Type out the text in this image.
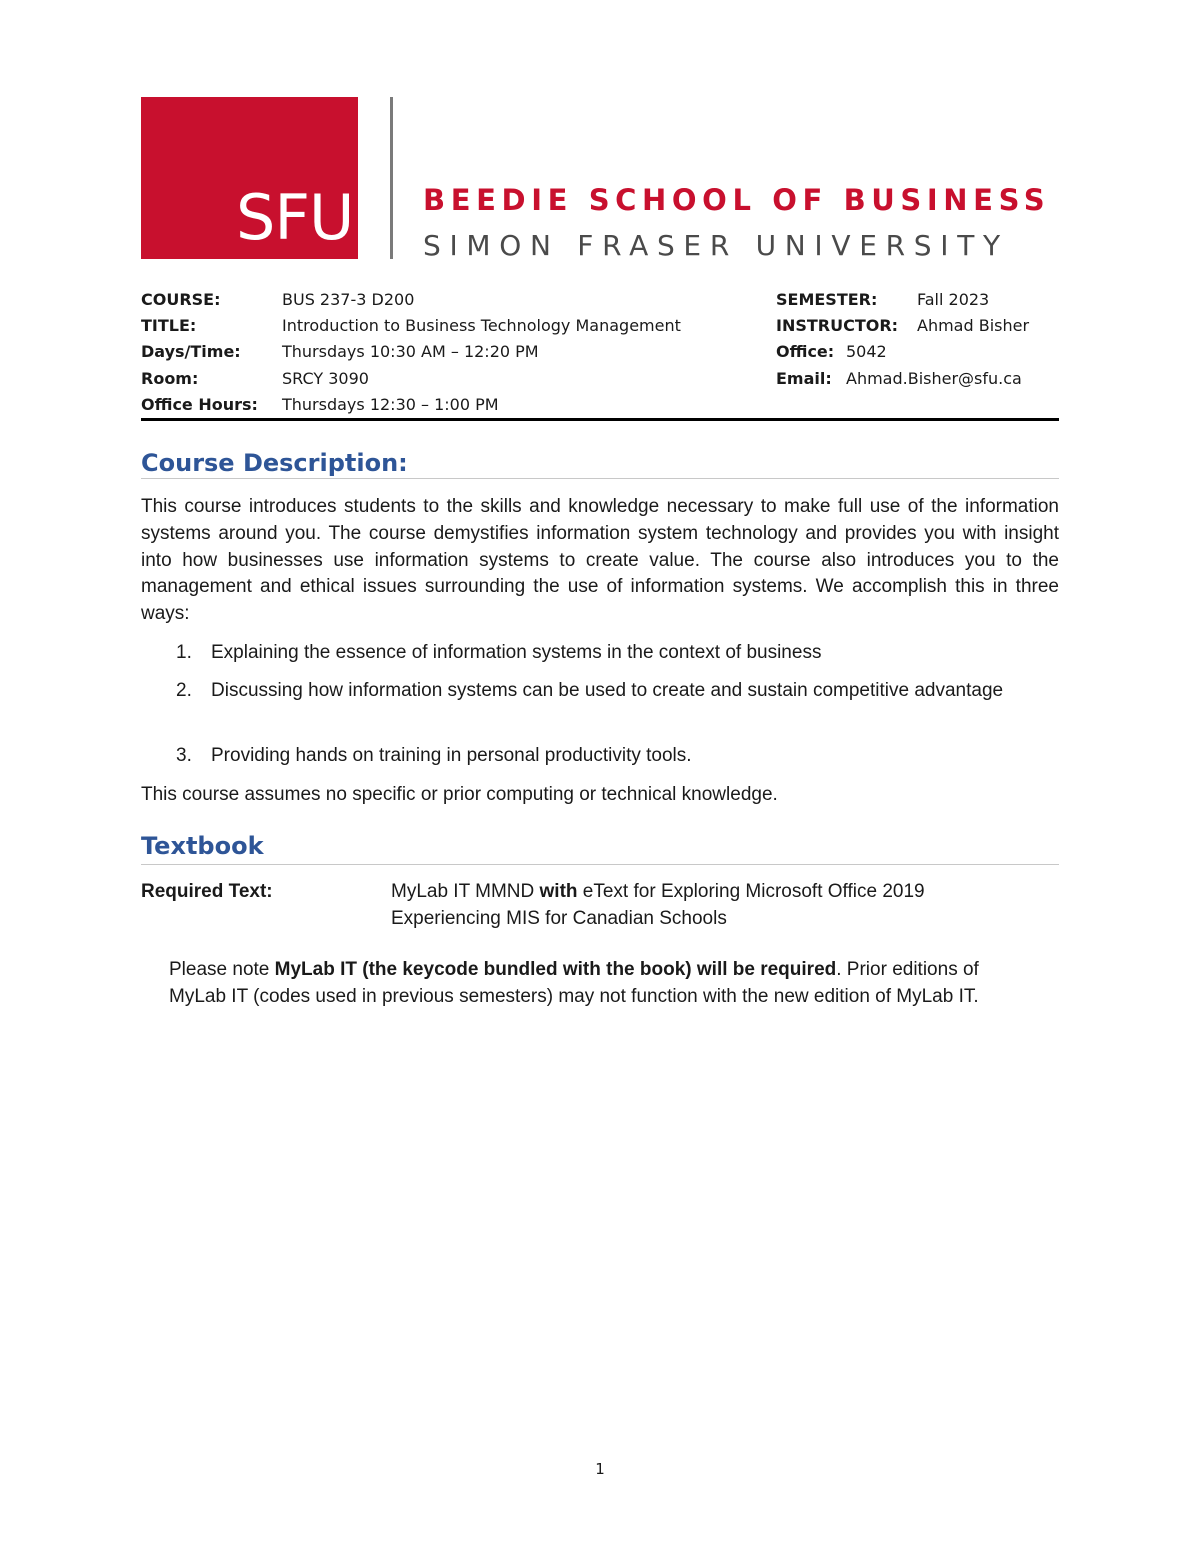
SFU BEEDIE SCHOOL OF BUSINESS
SIMON FRASER UNIVERSITY
COURSE:	BUS 237-3 D200
TITLE:	Introduction to Business Technology Management
Days/Time:	Thursdays 10:30 AM – 12:20 PM
Room:	SRCY 3090
Office Hours: Thursdays 12:30 – 1:00 PM
SEMESTER: Fall 2023
INSTRUCTOR: Ahmad Bisher
Office: 5042
Email: Ahmad.Bisher@sfu.ca
Course Description:

This course introduces students to the skills and knowledge necessary to make full use of the information systems around you. The course demystifies information system technology and provides you with insight into how businesses use information systems to create value. The course also introduces you to the management and ethical issues surrounding the use of information systems. We accomplish this in three ways:

1. Explaining the essence of information systems in the context of business

2. Discussing how information systems can be used to create and sustain competitive advantage

3. Providing hands on training in personal productivity tools.

This course assumes no specific or prior computing or technical knowledge.

Textbook
Required Text:	MyLab IT MMND with eText for Exploring Microsoft Office 2019
Experiencing MIS for Canadian Schools

Please note MyLab IT (the keycode bundled with the book) will be required. Prior editions of MyLab IT (codes used in previous semesters) may not function with the new edition of MyLab IT.

1
